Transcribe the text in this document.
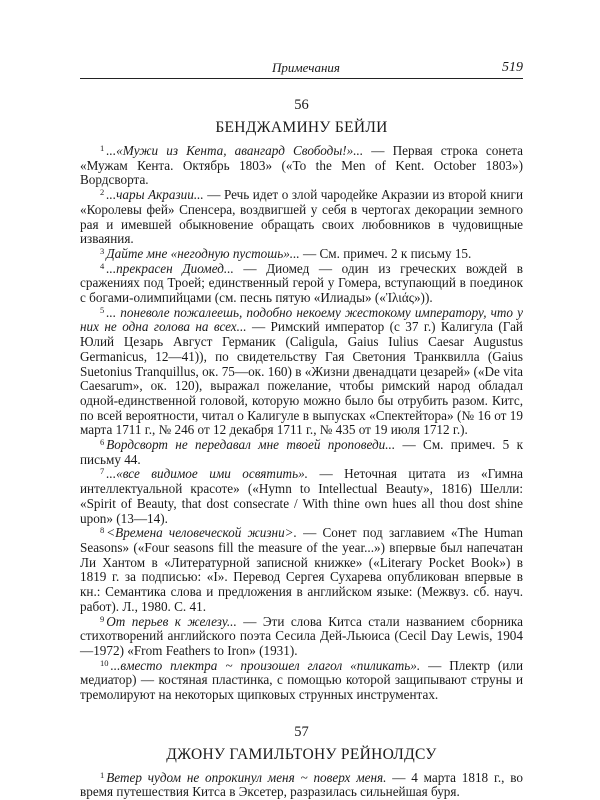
Примечания	519
56
БЕНДЖАМИНУ БЕЙЛИ

$^1$ ...«Мужи из Кента, авангард Свободы!»... — Первая строка сонета «Мужам Кента. Октябрь 1803» («To the Men of Kent. October 1803») Вордсворта.

$^2$ ...чары Акразии... — Речь идет о злой чародейке Акразии из второй книги «Королевы фей» Спенсера, воздвигшей у себя в чертогах декорации земного рая и имевшей обыкновение обращать своих любовников в чудовищные изваяния.

$^3$ Дайте мне «негодную пустошь»... — См. примеч. 2 к письму 15.

$^4$ ...прекрасен Диомед... — Диомед — один из греческих вождей в сражениях под Троей; единственный герой у Гомера, вступающий в поединок с богами-олимпийцами (см. песнь пятую «Илиады» («Ἰλιάς»)).

$^5$ ... поневоле пожалеешь, подобно некоему жестокому императору, что у них не одна голова на всех... — Римский император (с 37 г.) Калигула (Гай Юлий Цезарь Август Германик (Caligula, Gaius Iulius Caesar Augustus Germanicus, 12—41)), по свидетельству Гая Светония Транквилла (Gaius Suetonius Tranquillus, ок. 75—ок. 160) в «Жизни двенадцати цезарей» («De vita Caesarum», ок. 120), выражал пожелание, чтобы римский народ обладал одной-единственной головой, которую можно было бы отрубить разом. Китс, по всей вероятности, читал о Калигуле в выпусках «Спектейтора» (№ 16 от 19 марта 1711 г., № 246 от 12 декабря 1711 г., № 435 от 19 июля 1712 г.).

$^6$ Вордсворт не передавал мне твоей проповеди... — См. примеч. 5 к письму 44.

$^7$ ...«все видимое ими освятить». — Неточная цитата из «Гимна интеллектуальной красоте» («Hymn to Intellectual Beauty», 1816) Шелли: «Spirit of Beauty, that dost consecrate / With thine own hues all thou dost shine upon» (13—14).

$^8$ <Времена человеческой жизни>. — Сонет под заглавием «The Human Seasons» («Four seasons fill the measure of the year...») впервые был напечатан Ли Хантом в «Литературной записной книжке» («Literary Pocket Book») в 1819 г. за подписью: «I». Перевод Сергея Сухарева опубликован впервые в кн.: Семантика слова и предложения в английском языке: (Межвуз. сб. науч. работ). Л., 1980. С. 41.

$^9$ От перьев к железу... — Эти слова Китса стали названием сборника стихотворений английского поэта Сесила Дей-Льюиса (Cecil Day Lewis, 1904—1972) «From Feathers to Iron» (1931).

$^{10}$ ...вместо плектра ~ произошел глагол «пиликать». — Плектр (или медиатор) — костяная пластинка, с помощью которой защипывают струны и тремолируют на некоторых щипковых струнных инструментах.

57
ДЖОНУ ГАМИЛЬТОНУ РЕЙНОЛДСУ

$^1$ Ветер чудом не опрокинул меня ~ поверх меня. — 4 марта 1818 г., во время путешествия Китса в Эксетер, разразилась сильнейшая буря.
